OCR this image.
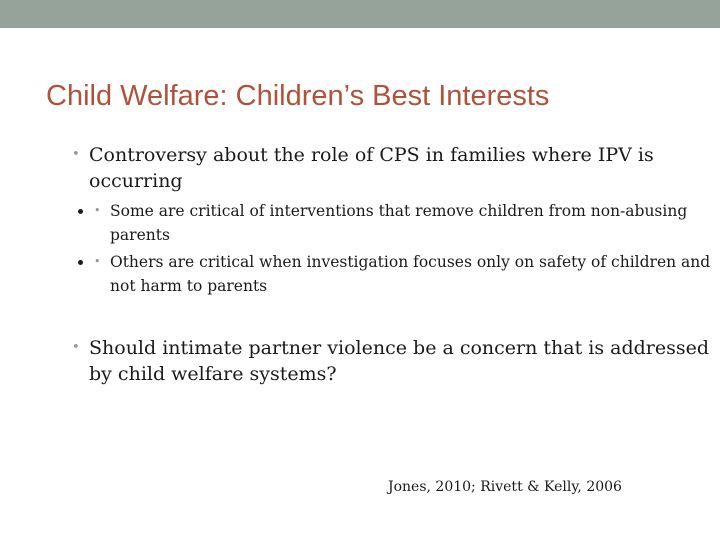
Child Welfare: Children’s Best Interests

• Controversy about the role of CPS in families where IPV is occurring

• • Some are critical of interventions that remove children from non-abusing parents
• • Others are critical when investigation focuses only on safety of children and not harm to parents

• Should intimate partner violence be a concern that is addressed by child welfare systems?

Jones, 2010; Rivett & Kelly, 2006
